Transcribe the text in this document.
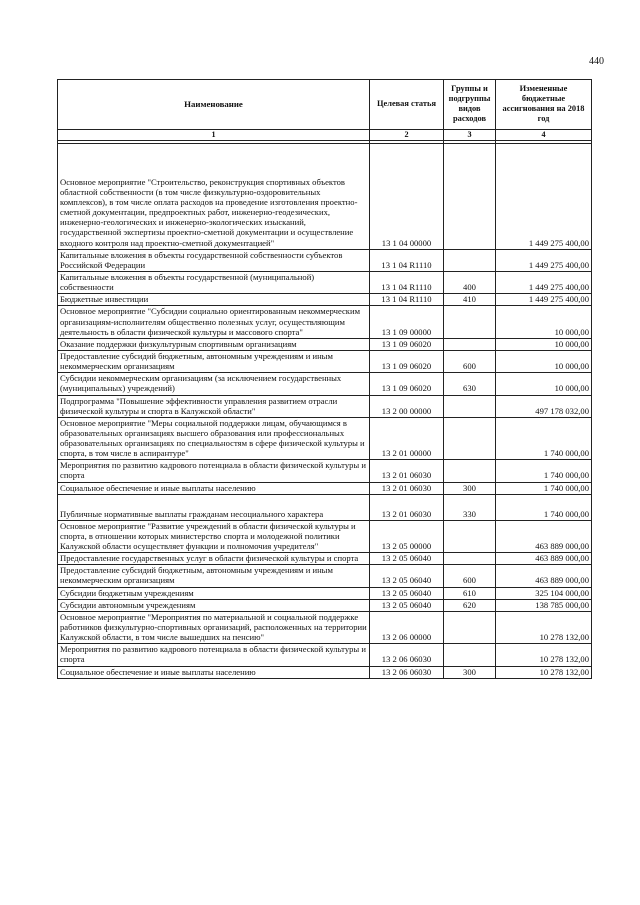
440
Наименование	Целевая статья	Группы и подгруппы видов расходов	Измененные бюджетные ассигнования на 2018 год
1	2	3	4

Основное мероприятие "Строительство, реконструкция спортивных объектов областной собственности (в том числе физкультурно-оздоровительных комплексов), в том числе оплата расходов на проведение изготовления проектно-сметной документации, предпроектных работ, инженерно-геодезических, инженерно-геологических и инженерно-экологических изысканий, государственной экспертизы проектно-сметной документации и осуществление входного контроля над проектно-сметной документацией"	13 1 04 00000		1 449 275 400,00
Капитальные вложения в объекты государственной собственности субъектов Российской Федерации	13 1 04 R1110		1 449 275 400,00
Капитальные вложения в объекты государственной (муниципальной) собственности	13 1 04 R1110	400	1 449 275 400,00
Бюджетные инвестиции	13 1 04 R1110	410	1 449 275 400,00
Основное мероприятие "Субсидии социально ориентированным некоммерческим организациям-исполнителям общественно полезных услуг, осуществляющим деятельность в области физической культуры и массового спорта"	13 1 09 00000		10 000,00
Оказание поддержки физкультурным спортивным организациям	13 1 09 06020		10 000,00
Предоставление субсидий бюджетным, автономным учреждениям и иным некоммерческим организациям	13 1 09 06020	600	10 000,00
Субсидии некоммерческим организациям (за исключением государственных (муниципальных) учреждений)	13 1 09 06020	630	10 000,00
Подпрограмма "Повышение эффективности управления развитием отрасли физической культуры и спорта в Калужской области"	13 2 00 00000		497 178 032,00
Основное мероприятие "Меры социальной поддержки лицам, обучающимся в образовательных организациях высшего образования или профессиональных образовательных организациях по специальностям в сфере физической культуры и спорта, в том числе в аспирантуре"	13 2 01 00000		1 740 000,00
Мероприятия по развитию кадрового потенциала в области физической культуры и спорта	13 2 01 06030		1 740 000,00
Социальное обеспечение и иные выплаты населению	13 2 01 06030	300	1 740 000,00
Публичные нормативные выплаты гражданам несоциального характера	13 2 01 06030	330	1 740 000,00
Основное мероприятие "Развитие учреждений в области физической культуры и спорта, в отношении которых министерство спорта и молодежной политики Калужской области осуществляет функции и полномочия учредителя"	13 2 05 00000		463 889 000,00
Предоставление государственных услуг в области физической культуры и спорта	13 2 05 06040		463 889 000,00
Предоставление субсидий бюджетным, автономным учреждениям и иным некоммерческим организациям	13 2 05 06040	600	463 889 000,00
Субсидии бюджетным учреждениям	13 2 05 06040	610	325 104 000,00
Субсидии автономным учреждениям	13 2 05 06040	620	138 785 000,00
Основное мероприятие "Мероприятия по материальной и социальной поддержке работников физкультурно-спортивных организаций, расположенных на территории Калужской области, в том числе вышедших на пенсию"	13 2 06 00000		10 278 132,00
Мероприятия по развитию кадрового потенциала в области физической культуры и спорта	13 2 06 06030		10 278 132,00
Социальное обеспечение и иные выплаты населению	13 2 06 06030	300	10 278 132,00
